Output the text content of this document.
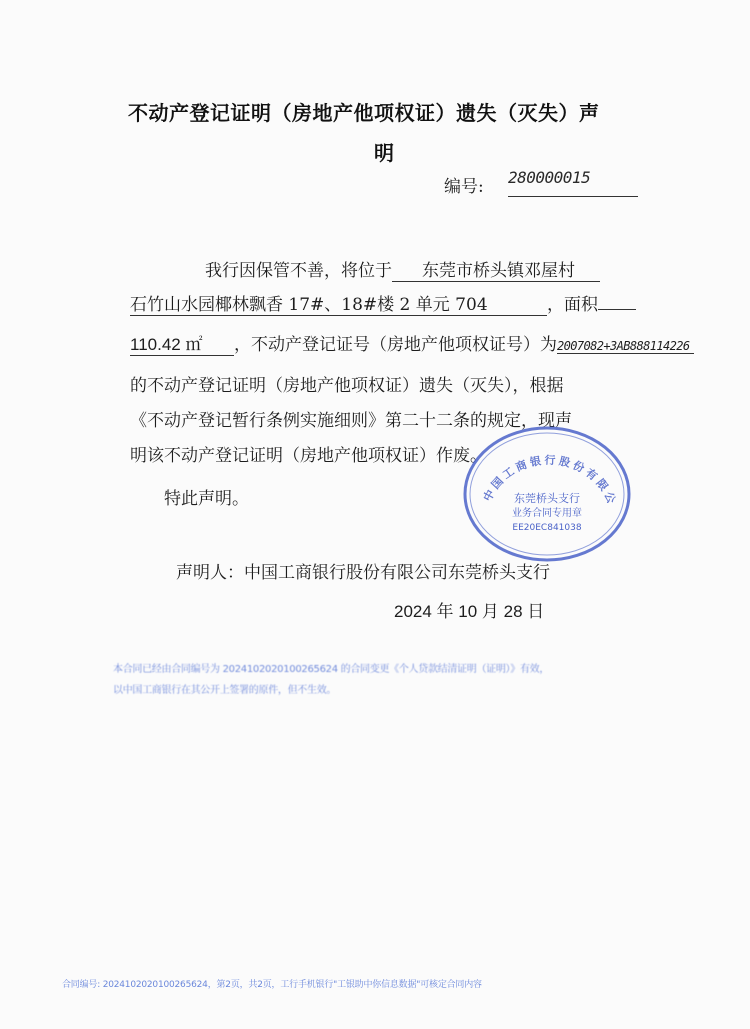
不动产登记证明（房地产他项权证）遗失（灭失）声
明
编号: 280000015
我行因保管不善，将位于 东莞市桥头镇邓屋村
石竹山水园椰林飘香 17#、18#楼 2 单元 704	，面积
110.42 ㎡ ，不动产登记证号（房地产他项权证号）为2007082+3AB888114226
的不动产登记证明（房地产他项权证）遗失（灭失），根据
《不动产登记暂行条例实施细则》第二十二条的规定，现声
明该不动产登记证明（房地产他项权证）作废。
特此声明。
声明人：中国工商银行股份有限公司东莞桥头支行
2024 年 10 月 28 日
中国工商银行股份有限公
东莞桥头支行
业务合同专用章
EE20EC841038
本合同已经由合同编号为 2024102020100265624 的合同变更《个人贷款结清证明（证明）》有效，
以中国工商银行在其公开上签署的原件，但不生效。
合同编号: 2024102020100265624，第2页，共2页，工行手机银行"工银助中你信息数据"可核定合同内容
